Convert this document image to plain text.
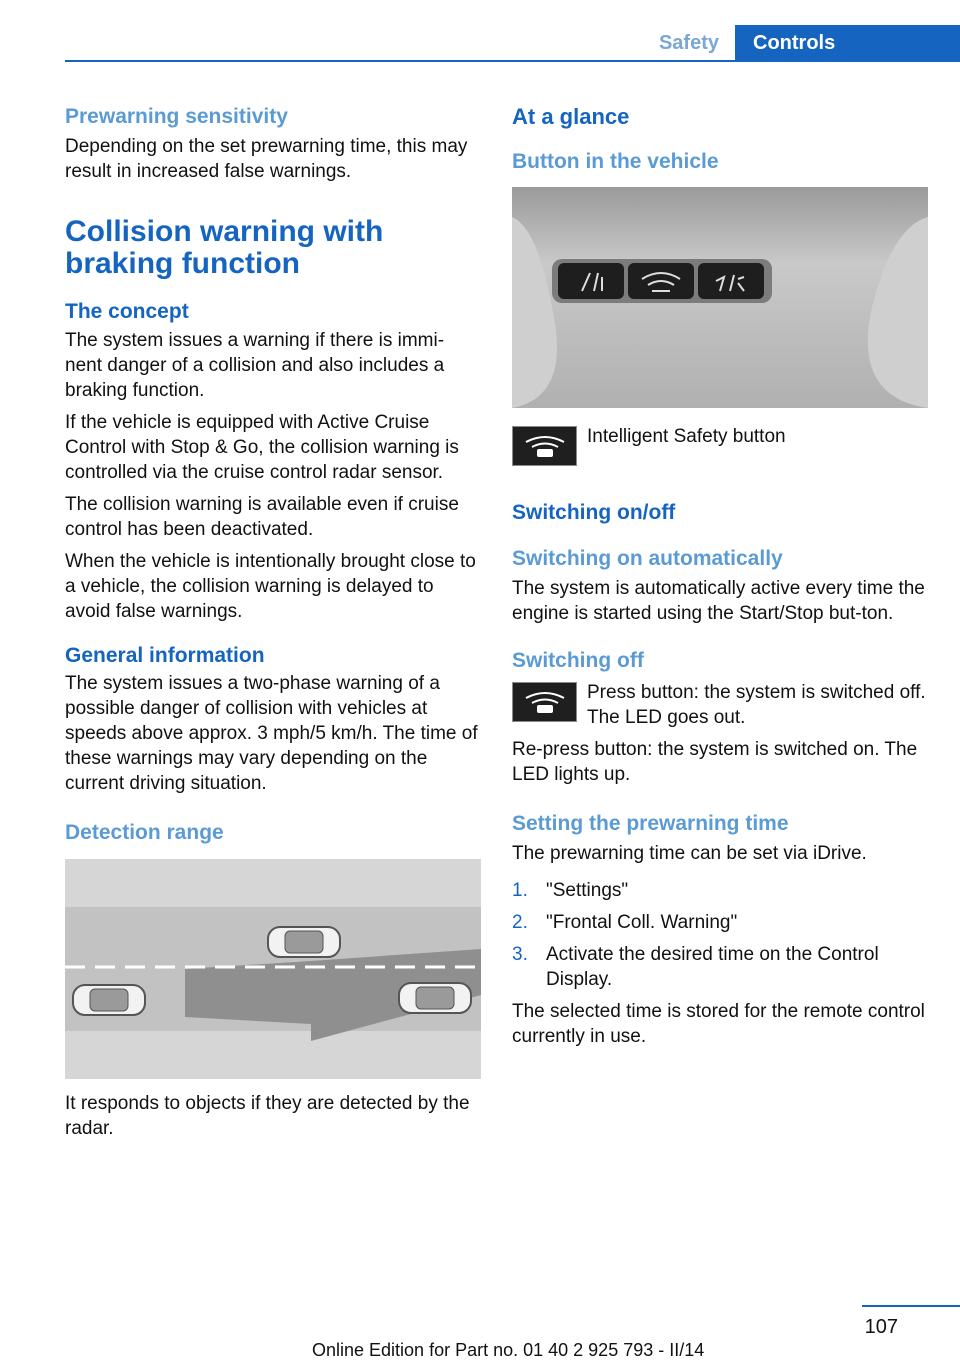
Safety	Controls
Prewarning sensitivity

Depending on the set prewarning time, this may result in increased false warnings.

Collision warning with
braking function
The concept

The system issues a warning if there is immi-nent danger of a collision and also includes a braking function.

If the vehicle is equipped with Active Cruise Control with Stop & Go, the collision warning is controlled via the cruise control radar sensor.

The collision warning is available even if cruise control has been deactivated.

When the vehicle is intentionally brought close to a vehicle, the collision warning is delayed to avoid false warnings.

General information

The system issues a two-phase warning of a possible danger of collision with vehicles at speeds above approx. 3 mph/5 km/h. The time of these warnings may vary depending on the current driving situation.

Detection range

It responds to objects if they are detected by the radar.

At a glance
Button in the vehicle

Intelligent Safety button

Switching on/off
Switching on automatically

The system is automatically active every time the engine is started using the Start/Stop but-ton.

Switching off

Press button: the system is switched off. The LED goes out.

Re-press button: the system is switched on. The LED lights up.

Setting the prewarning time

The prewarning time can be set via iDrive.

1. "Settings"
2. "Frontal Coll. Warning"
3. Activate the desired time on the Control Display.

The selected time is stored for the remote control currently in use.

107
Online Edition for Part no. 01 40 2 925 793 - II/14
